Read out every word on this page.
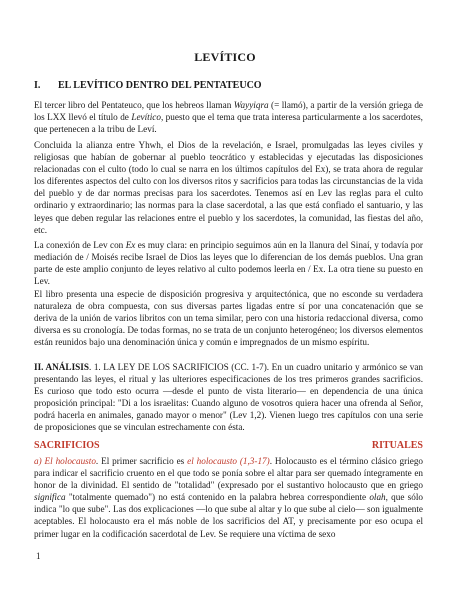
LEVÍTICO
I. EL LEVÍTICO DENTRO DEL PENTATEUCO

El tercer libro del Pentateuco, que los hebreos llaman Wayyiqra (= llamó), a partir de la versión griega de los LXX llevó el título de Levítico, puesto que el tema que trata interesa particularmente a los sacerdotes, que pertenecen a la tribu de Leví.

Concluida la alianza entre Yhwh, el Dios de la revelación, e Israel, promulgadas las leyes civiles y religiosas que habían de gobernar al pueblo teocrático y establecidas y ejecutadas las disposiciones relacionadas con el culto (todo lo cual se narra en los últimos capítulos del Ex), se trata ahora de regular los diferentes aspectos del culto con los diversos ritos y sacrificios para todas las circunstancias de la vida del pueblo y de dar normas precisas para los sacerdotes. Tenemos así en Lev las reglas para el culto ordinario y extraordinario; las normas para la clase sacerdotal, a las que está confiado el santuario, y las leyes que deben regular las relaciones entre el pueblo y los sacerdotes, la comunidad, las fiestas del año, etc.

La conexión de Lev con Ex es muy clara: en principio seguimos aún en la llanura del Sinaí, y todavía por mediación de / Moisés recibe Israel de Dios las leyes que lo diferencian de los demás pueblos. Una gran parte de este amplio conjunto de leyes relativo al culto podemos leerla en / Ex. La otra tiene su puesto en Lev.

El libro presenta una especie de disposición progresiva y arquitectónica, que no esconde su verdadera naturaleza de obra compuesta, con sus diversas partes ligadas entre sí por una concatenación que se deriva de la unión de varios libritos con un tema similar, pero con una historia redaccional diversa, como diversa es su cronología. De todas formas, no se trata de un conjunto heterogéneo; los diversos elementos están reunidos bajo una denominación única y común e impregnados de un mismo espíritu.

II. ANÁLISIS. 1. LA LEY DE LOS SACRIFICIOS (CC. 1-7). En un cuadro unitario y armónico se van presentando las leyes, el ritual y las ulteriores especificaciones de los tres primeros grandes sacrificios. Es curioso que todo esto ocurra —desde el punto de vista literario— en dependencia de una única proposición principal: "Di a los israelitas: Cuando alguno de vosotros quiera hacer una ofrenda al Señor, podrá hacerla en animales, ganado mayor o menor" (Lev 1,2). Vienen luego tres capítulos con una serie de proposiciones que se vinculan estrechamente con ésta.

SACRIFICIOS	RITUALES

a) El holocausto. El primer sacrificio es el holocausto (1,3-17). Holocausto es el término clásico griego para indicar el sacrificio cruento en el que todo se ponía sobre el altar para ser quemado íntegramente en honor de la divinidad. El sentido de "totalidad" (expresado por el sustantivo holocausto que en griego significa "totalmente quemado") no está contenido en la palabra hebrea correspondiente olah, que sólo indica "lo que sube". Las dos explicaciones —lo que sube al altar y lo que sube al cielo— son igualmente aceptables. El holocausto era el más noble de los sacrificios del AT, y precisamente por eso ocupa el primer lugar en la codificación sacerdotal de Lev. Se requiere una víctima de sexo

1
